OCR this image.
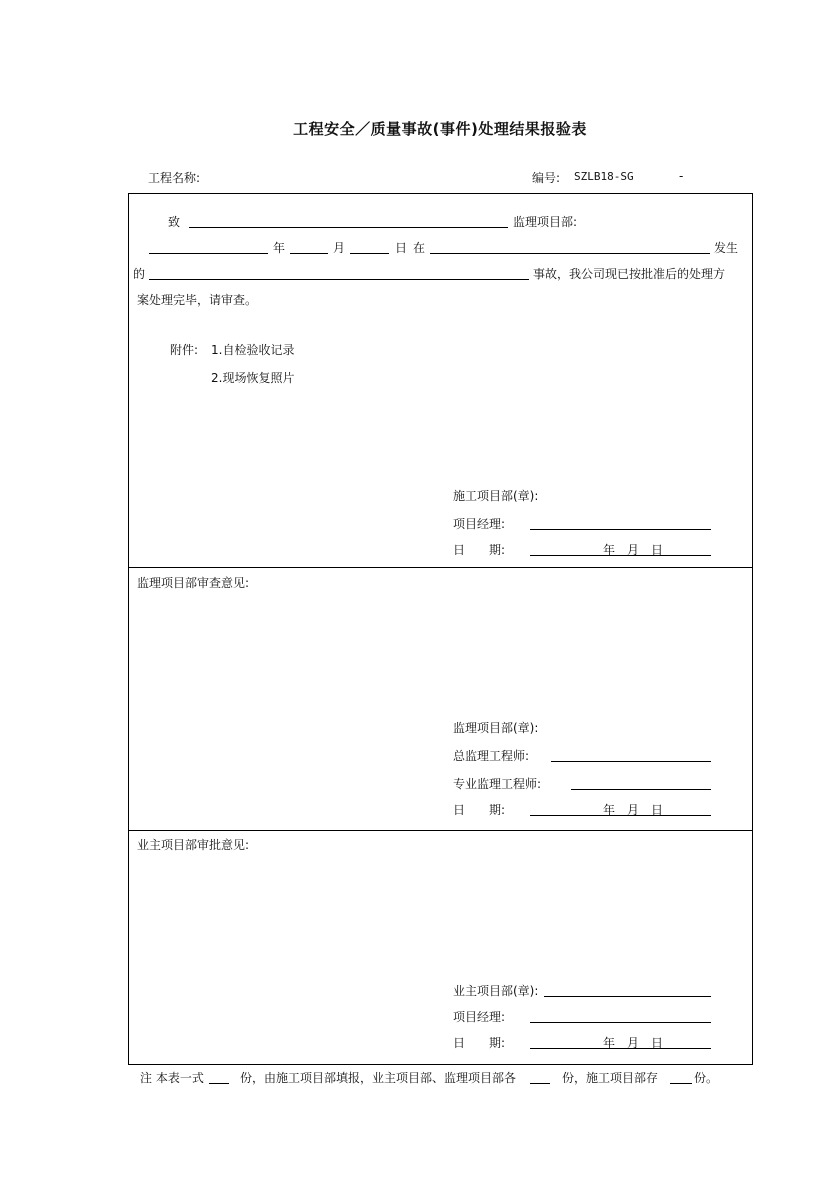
工程安全／质量事故(事件)处理结果报验表
工程名称:	编号: SZLB18-SG	-
致	监理项目部:
年	月	日 在	发生
的	事故，我公司现已按批准后的处理方
案处理完毕，请审查。
附件: 1.自检验收记录
2.现场恢复照片
施工项目部(章):
项目经理:
日 期:	年 月 日
监理项目部审查意见:
监理项目部(章):
总监理工程师:
专业监理工程师:
日 期:	年 月 日
业主项目部审批意见:
业主项目部(章):
项目经理:
日 期:	年 月 日
注 本表一式	份，由施工项目部填报，业主项目部、监理项目部各	份，施工项目部存	份。
